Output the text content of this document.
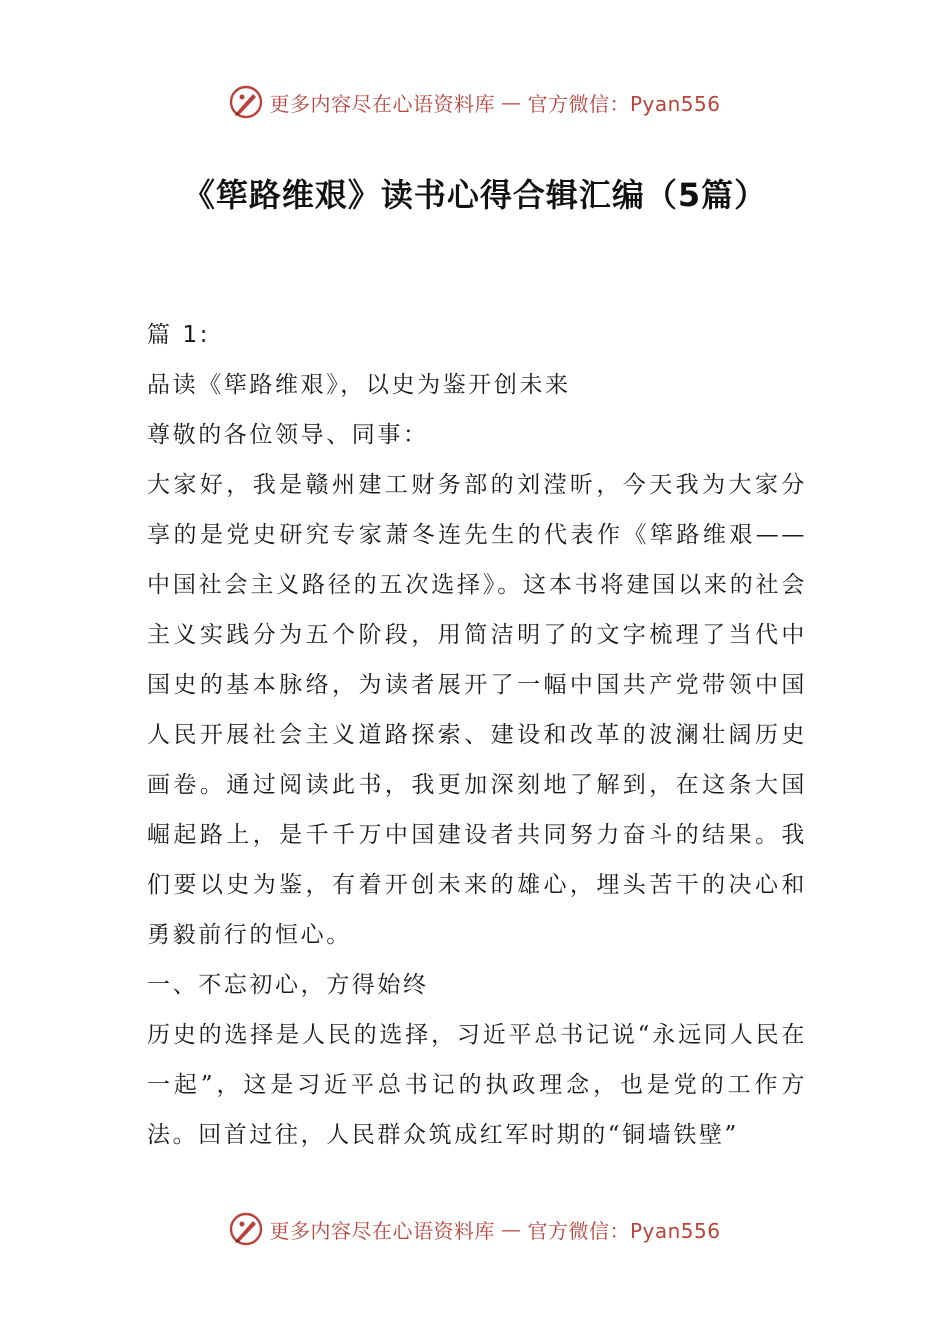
更多内容尽在心语资料库 — 官方微信：Pyan556
《筚路维艰》读书心得合辑汇编（5篇）

篇 1:

品读《筚路维艰》，以史为鉴开创未来

尊敬的各位领导、同事：

大家好，我是赣州建工财务部的刘滢昕，今天我为大家分享的是党史研究专家萧冬连先生的代表作《筚路维艰——中国社会主义路径的五次选择》。这本书将建国以来的社会主义实践分为五个阶段，用简洁明了的文字梳理了当代中国史的基本脉络，为读者展开了一幅中国共产党带领中国人民开展社会主义道路探索、建设和改革的波澜壮阔历史画卷。通过阅读此书，我更加深刻地了解到，在这条大国崛起路上，是千千万中国建设者共同努力奋斗的结果。我们要以史为鉴，有着开创未来的雄心，埋头苦干的决心和勇毅前行的恒心。

一、不忘初心，方得始终

历史的选择是人民的选择，习近平总书记说“永远同人民在一起”，这是习近平总书记的执政理念，也是党的工作方法。回首过往，人民群众筑成红军时期的“铜墙铁壁”

更多内容尽在心语资料库 — 官方微信：Pyan556
